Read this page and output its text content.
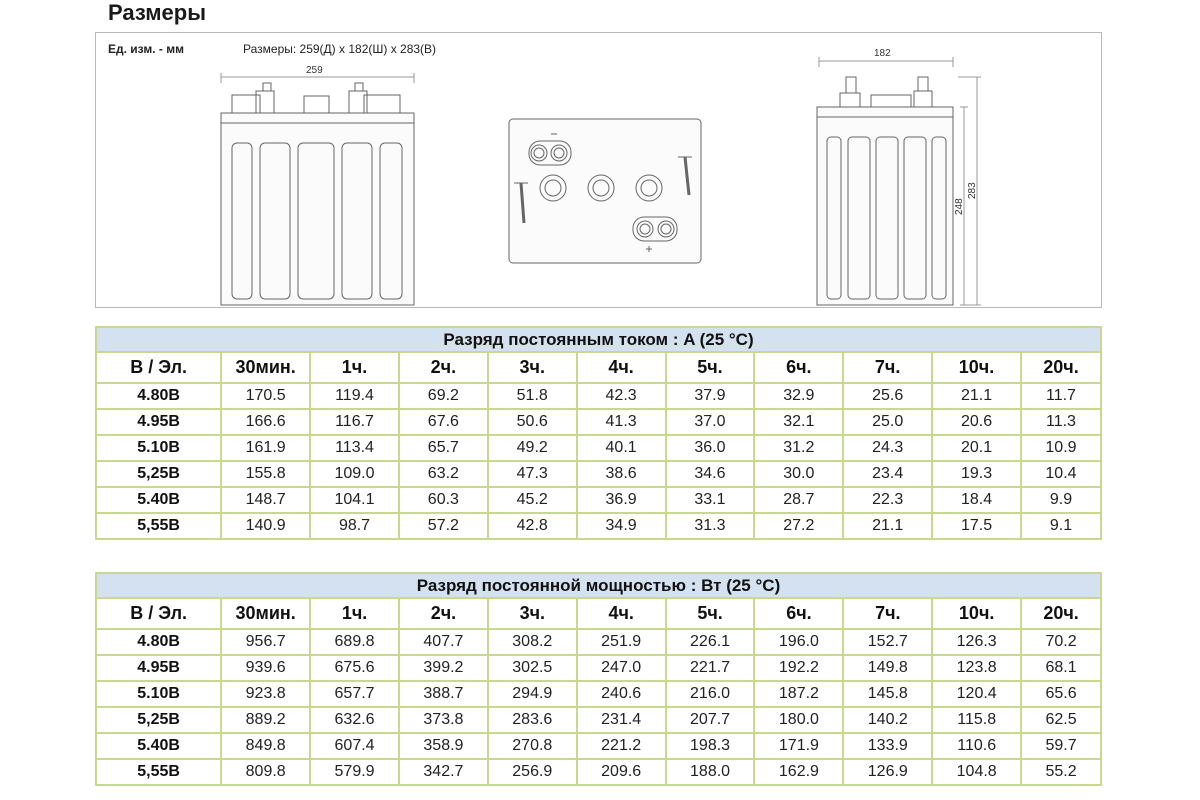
Размеры
Ед. изм. - мм	Размеры: 259(Д) x 182(Ш) x 283(В)
259
182
248
283
Разряд постоянным током : A (25 °C)										
В / Эл.	30мин.	1ч.	2ч.	3ч.	4ч.	5ч.	6ч.	7ч.	10ч.	20ч.
4.80В	170.5	119.4	69.2	51.8	42.3	37.9	32.9	25.6	21.1	11.7
4.95В	166.6	116.7	67.6	50.6	41.3	37.0	32.1	25.0	20.6	11.3
5.10В	161.9	113.4	65.7	49.2	40.1	36.0	31.2	24.3	20.1	10.9
5,25В	155.8	109.0	63.2	47.3	38.6	34.6	30.0	23.4	19.3	10.4
5.40В	148.7	104.1	60.3	45.2	36.9	33.1	28.7	22.3	18.4	9.9
5,55В	140.9	98.7	57.2	42.8	34.9	31.3	27.2	21.1	17.5	9.1
Разряд постоянной мощностью : Вт (25 °C)										
В / Эл.	30мин.	1ч.	2ч.	3ч.	4ч.	5ч.	6ч.	7ч.	10ч.	20ч.
4.80В	956.7	689.8	407.7	308.2	251.9	226.1	196.0	152.7	126.3	70.2
4.95В	939.6	675.6	399.2	302.5	247.0	221.7	192.2	149.8	123.8	68.1
5.10В	923.8	657.7	388.7	294.9	240.6	216.0	187.2	145.8	120.4	65.6
5,25В	889.2	632.6	373.8	283.6	231.4	207.7	180.0	140.2	115.8	62.5
5.40В	849.8	607.4	358.9	270.8	221.2	198.3	171.9	133.9	110.6	59.7
5,55В	809.8	579.9	342.7	256.9	209.6	188.0	162.9	126.9	104.8	55.2
